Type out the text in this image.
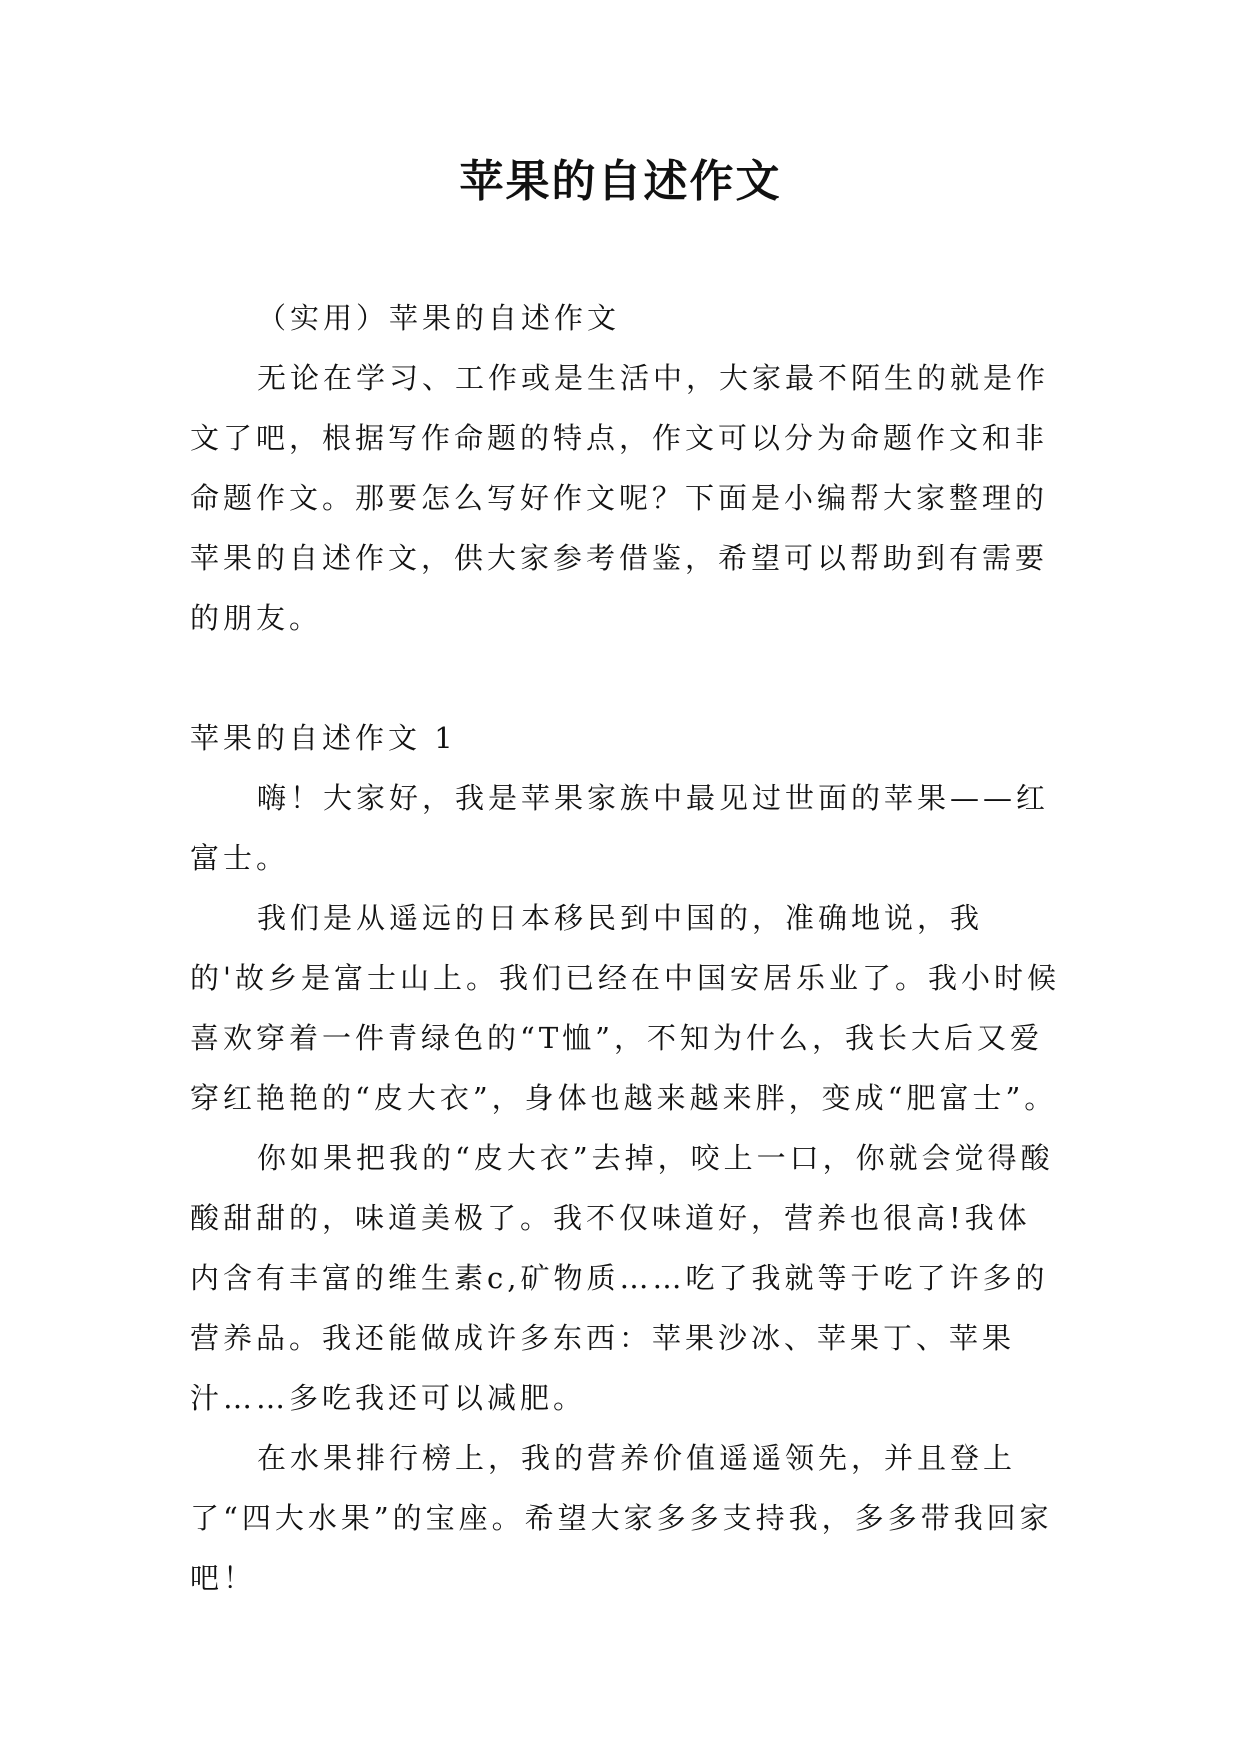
苹果的自述作文

（实用）苹果的自述作文

无论在学习、工作或是生活中，大家最不陌生的就是作文了吧，根据写作命题的特点，作文可以分为命题作文和非命题作文。那要怎么写好作文呢？下面是小编帮大家整理的苹果的自述作文，供大家参考借鉴，希望可以帮助到有需要的朋友。

苹果的自述作文 1

嗨！大家好，我是苹果家族中最见过世面的苹果——红富士。

我们是从遥远的日本移民到中国的，准确地说，我的'故乡是富士山上。我们已经在中国安居乐业了。我小时候喜欢穿着一件青绿色的“T恤”，不知为什么，我长大后又爱穿红艳艳的“皮大衣”，身体也越来越来胖，变成“肥富士”。

你如果把我的“皮大衣”去掉，咬上一口，你就会觉得酸酸甜甜的，味道美极了。我不仅味道好，营养也很高!我体内含有丰富的维生素c,矿物质……吃了我就等于吃了许多的营养品。我还能做成许多东西：苹果沙冰、苹果丁、苹果汁……多吃我还可以减肥。

在水果排行榜上，我的营养价值遥遥领先，并且登上了“四大水果”的宝座。希望大家多多支持我，多多带我回家吧！
